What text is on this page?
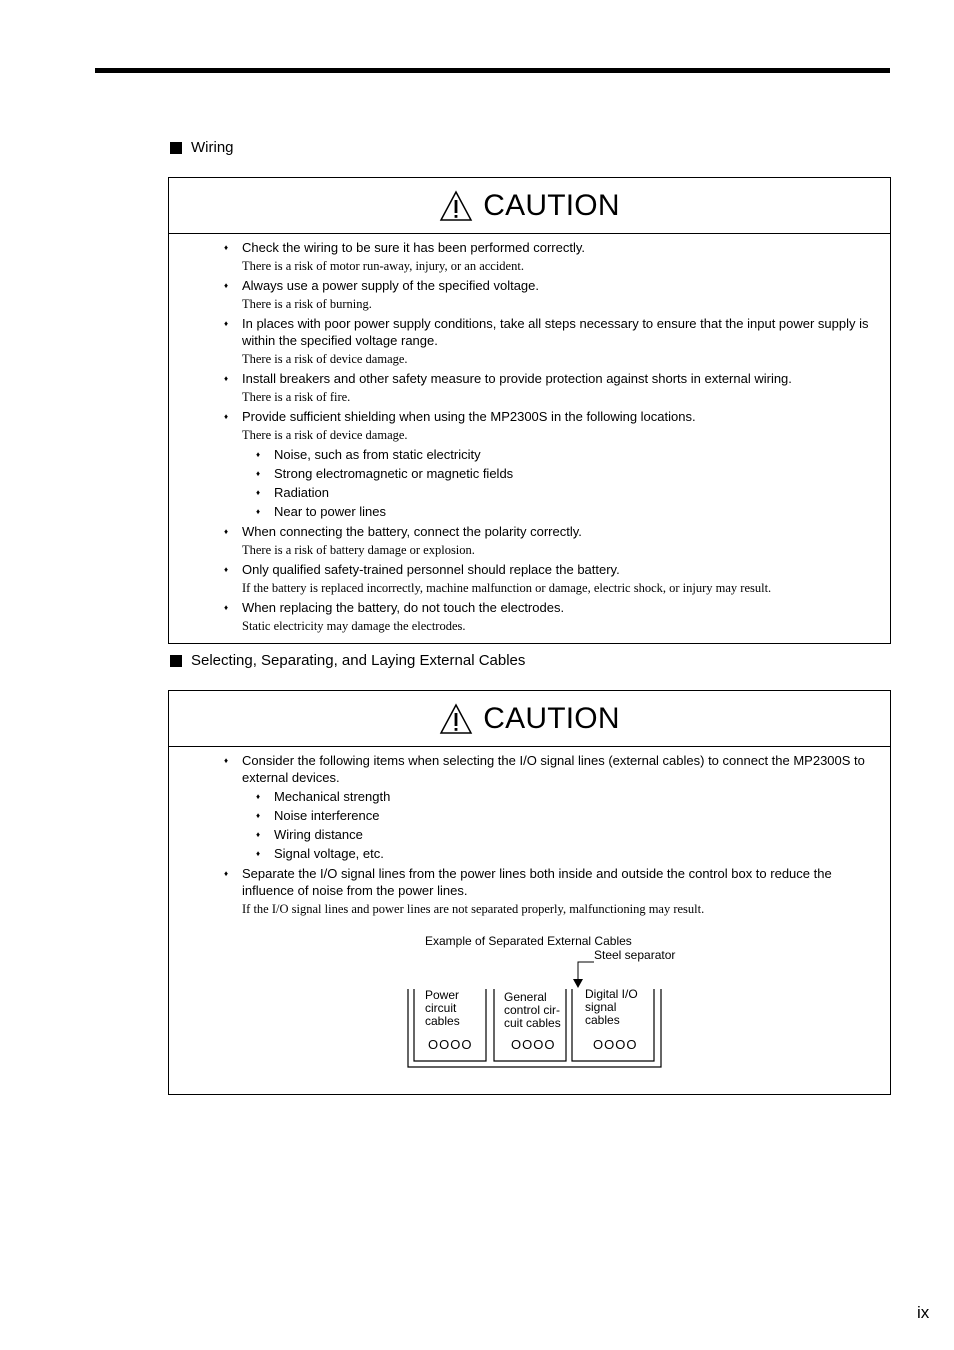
Wiring
CAUTION
♦ Check the wiring to be sure it has been performed correctly.
There is a risk of motor run-away, injury, or an accident.
♦ Always use a power supply of the specified voltage.
There is a risk of burning.
♦ In places with poor power supply conditions, take all steps necessary to ensure that the input power supply is within the specified voltage range.
There is a risk of device damage.
♦ Install breakers and other safety measure to provide protection against shorts in external wiring.
There is a risk of fire.
♦ Provide sufficient shielding when using the MP2300S in the following locations.
There is a risk of device damage.
♦ Noise, such as from static electricity
♦ Strong electromagnetic or magnetic fields
♦ Radiation
♦ Near to power lines
♦ When connecting the battery, connect the polarity correctly.
There is a risk of battery damage or explosion.
♦ Only qualified safety-trained personnel should replace the battery.
If the battery is replaced incorrectly, machine malfunction or damage, electric shock, or injury may result.
♦ When replacing the battery, do not touch the electrodes.
Static electricity may damage the electrodes.
Selecting, Separating, and Laying External Cables
CAUTION
♦ Consider the following items when selecting the I/O signal lines (external cables) to connect the MP2300S to external devices.
♦ Mechanical strength
♦ Noise interference
♦ Wiring distance
♦ Signal voltage, etc.
♦ Separate the I/O signal lines from the power lines both inside and outside the control box to reduce the influence of noise from the power lines.
If the I/O signal lines and power lines are not separated properly, malfunctioning may result.
Example of Separated External Cables
Steel separator
Power
circuit
cables
General
control cir-
cuit cables
Digital I/O
signal
cables
OOOO	OOOO	OOOO
ix
